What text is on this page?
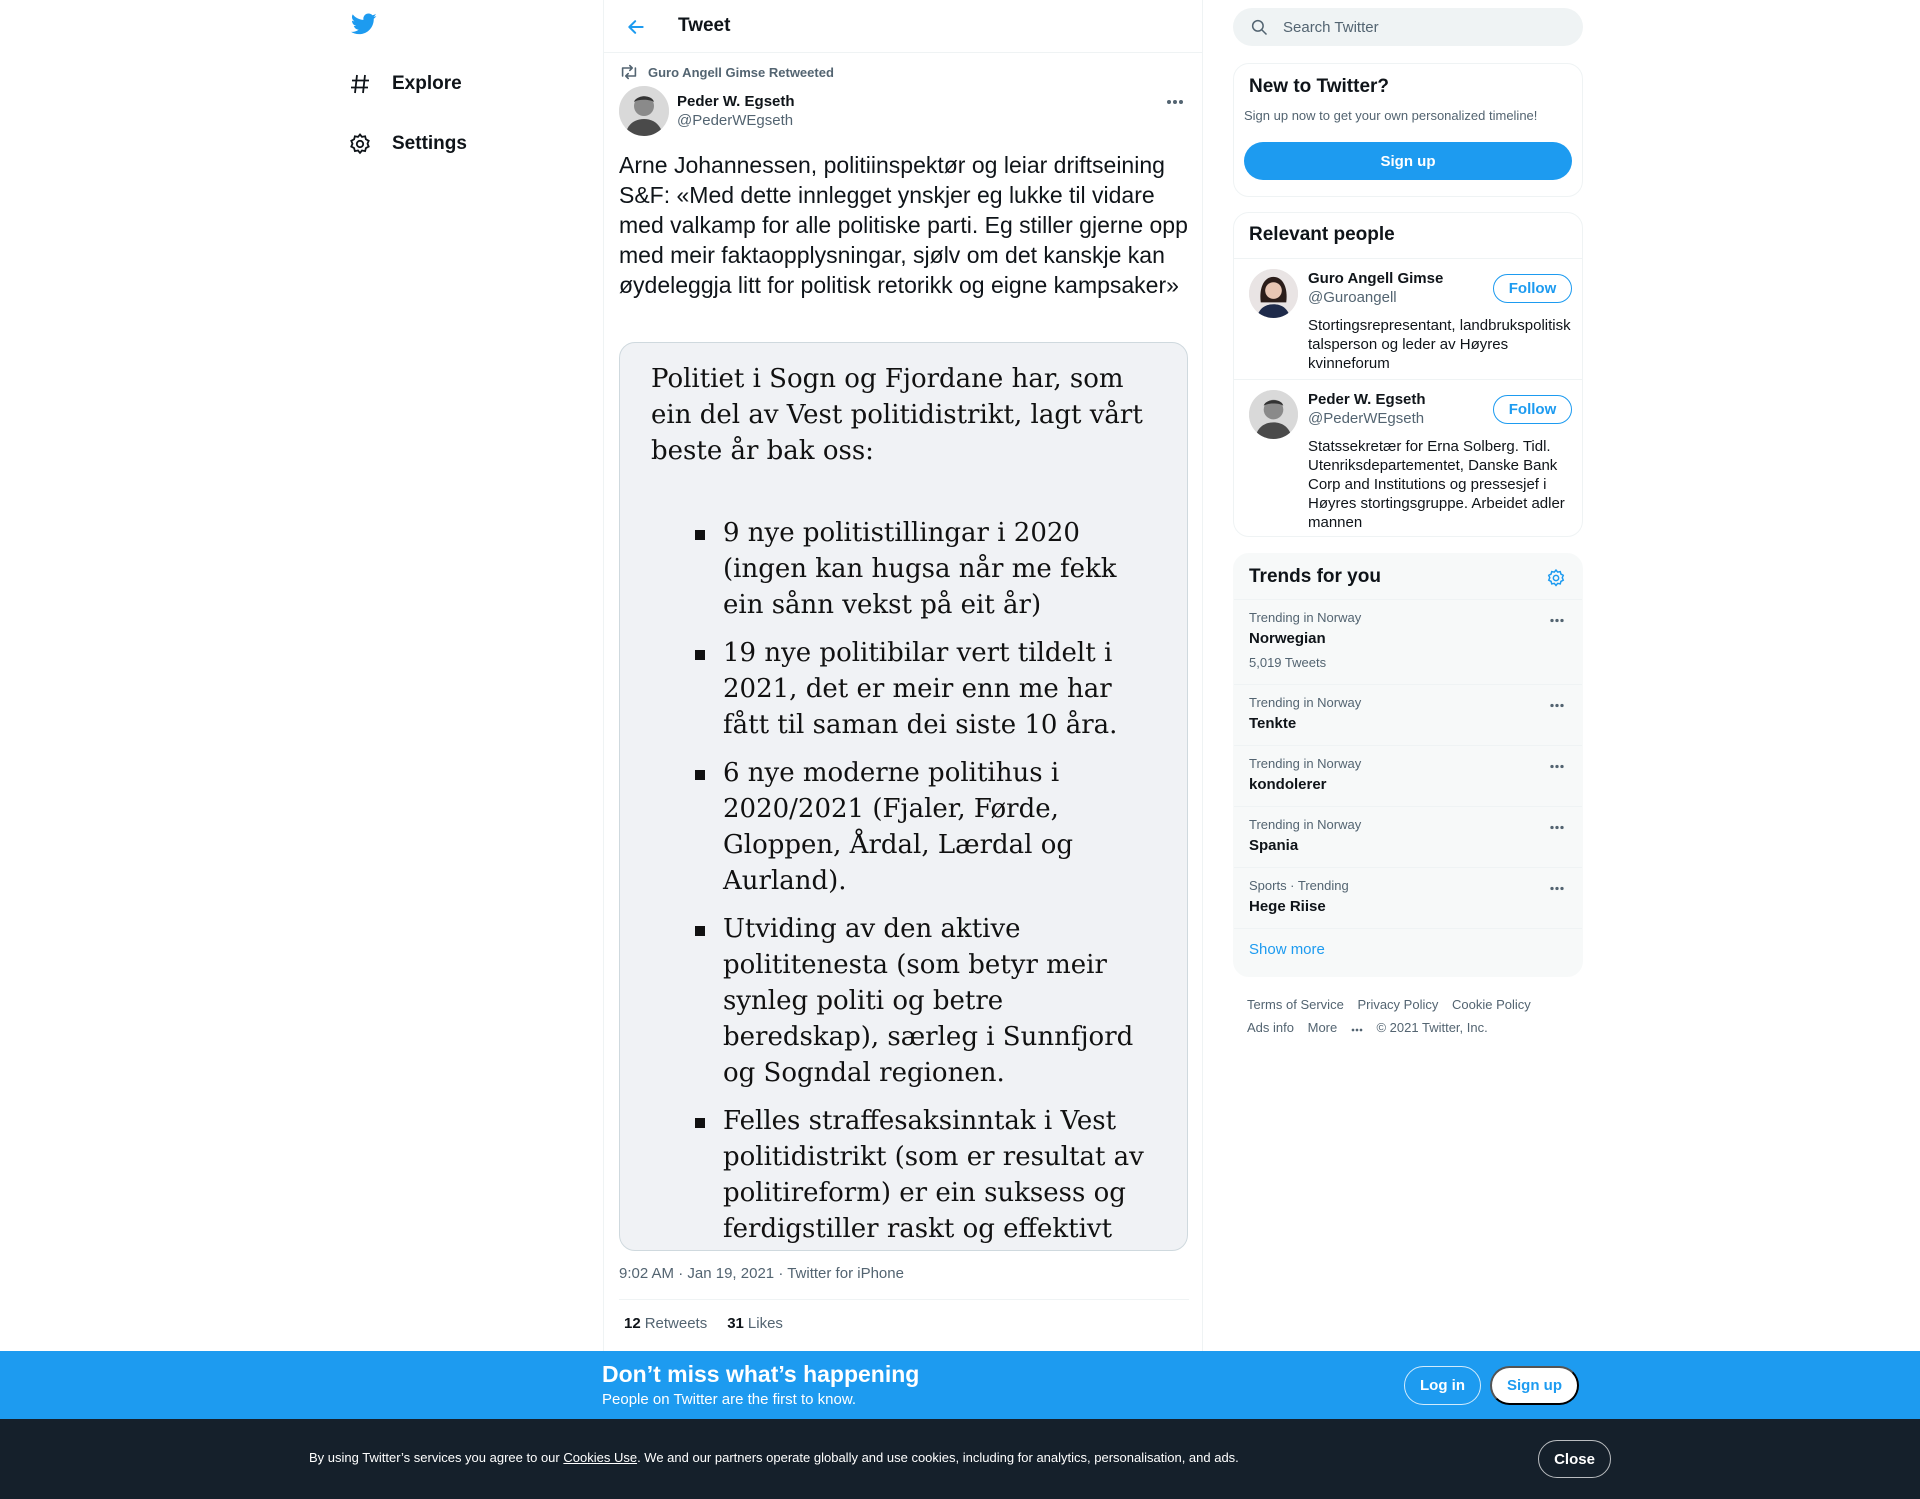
Explore
Settings
Tweet
Guro Angell Gimse Retweeted
Peder W. Egseth
@PederWEgseth
Arne Johannessen, politiinspektør og leiar driftseining S&F: «Med dette innlegget ynskjer eg lukke til vidare med valkamp for alle politiske parti. Eg stiller gjerne opp med meir faktaopplysningar, sjølv om det kanskje kan øydeleggja litt for politisk retorikk og eigne kampsaker»
Politiet i Sogn og Fjordane har, som ein del av Vest politidistrikt, lagt vårt beste år bak oss:
9 nye politistillingar i 2020 (ingen kan hugsa når me fekk ein sånn vekst på eit år)
19 nye politibilar vert tildelt i 2021, det er meir enn me har fått til saman dei siste 10 åra.
6 nye moderne politihus i 2020/2021 (Fjaler, Førde, Gloppen, Årdal, Lærdal og Aurland).
Utviding av den aktive polititenesta (som betyr meir synleg politi og betre beredskap), særleg i Sunnfjord og Sogndal regionen.
Felles straffesaksinntak i Vest politidistrikt (som er resultat av politireform) er ein suksess og ferdigstiller raskt og effektivt
9:02 AM · Jan 19, 2021 · Twitter for iPhone
12 Retweets 31 Likes
Search Twitter
New to Twitter?
Sign up now to get your own personalized timeline!
Sign up
Relevant people
Guro Angell Gimse
@Guroangell
Follow
Stortingsrepresentant, landbrukspolitisk talsperson og leder av Høyres kvinneforum
Peder W. Egseth
@PederWEgseth
Follow
Statssekretær for Erna Solberg. Tidl. Utenriksdepartementet, Danske Bank Corp and Institutions og pressesjef i Høyres stortingsgruppe. Arbeidet adler mannen
Trends for you
Trending in Norway
Norwegian
5,019 Tweets
Trending in Norway
Tenkte
Trending in Norway
kondolerer
Trending in Norway
Spania
Sports · Trending
Hege Riise
Show more
Terms of Service Privacy Policy Cookie Policy
Ads info More	© 2021 Twitter, Inc.
Don’t miss what’s happening
People on Twitter are the first to know.
Log in	Sign up
By using Twitter’s services you agree to our Cookies Use. We and our partners operate globally and use cookies, including for analytics, personalisation, and ads.	Close
